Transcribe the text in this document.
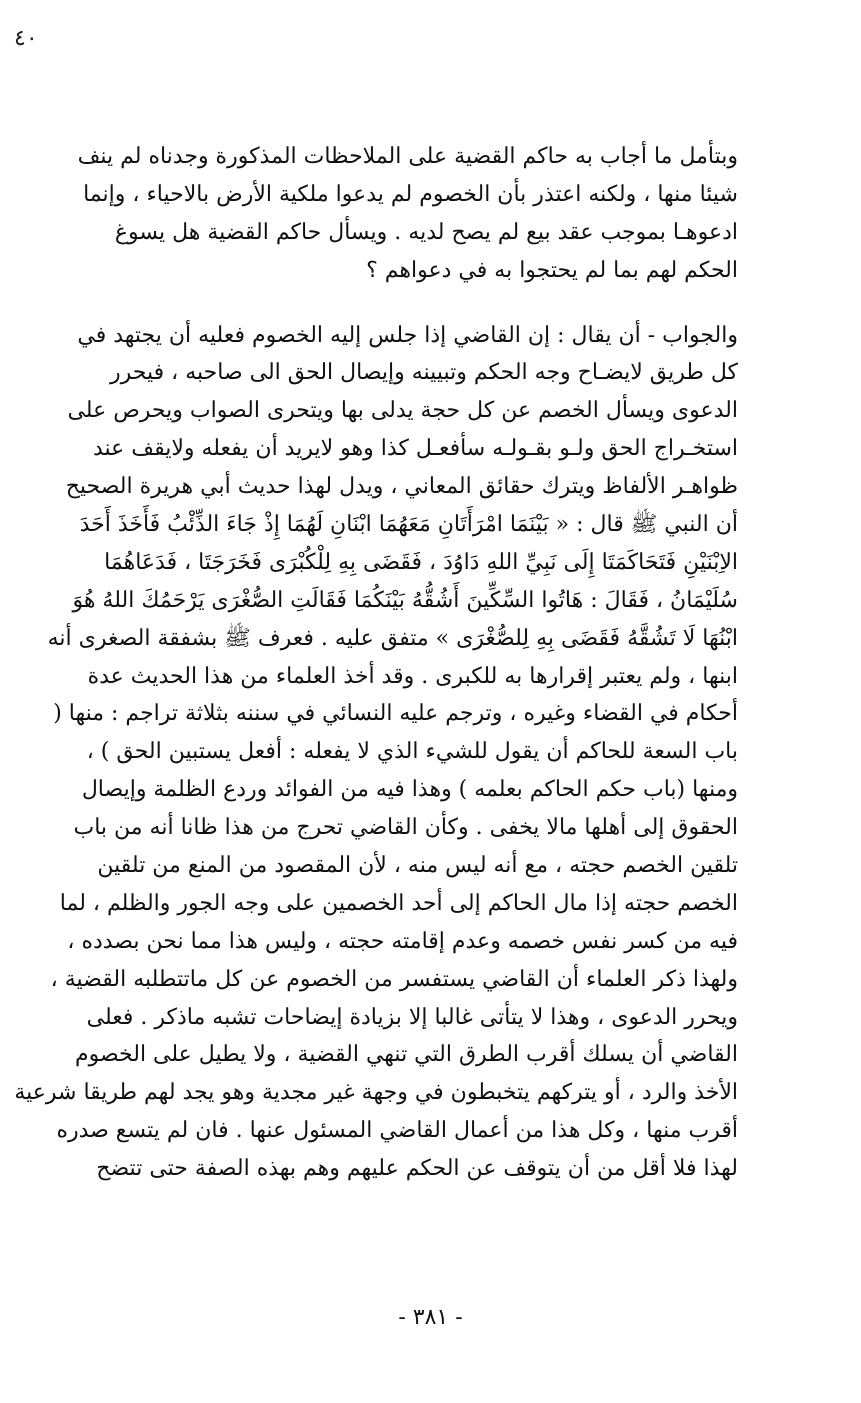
٤٠

وبتأمل ما أجاب به حاكم القضية على الملاحظات المذكورة وجدناه لم ينف
شيئا منها ، ولكنه اعتذر بأن الخصوم لم يدعوا ملكية الأرض بالاحياء ، وإنما
ادعوهـا بموجب عقد بيع لم يصح لديه . ويسأل حاكم القضية هل يسوغ
الحكم لهم بما لم يحتجوا به في دعواهم ؟

والجواب - أن يقال : إن القاضي إذا جلس إليه الخصوم فعليه أن يجتهد في
كل طريق لايضـاح وجه الحكم وتبيينه وإيصال الحق الى صاحبه ، فيحرر
الدعوى ويسأل الخصم عن كل حجة يدلى بها ويتحرى الصواب ويحرص على
استخـراج الحق ولـو بقـولـه سأفعـل كذا وهو لايريد أن يفعله ولايقف عند
ظواهـر الألفاظ ويترك حقائق المعاني ، ويدل لهذا حديث أبي هريرة الصحيح
أن النبي ﷺ قال : « بَيْنَمَا امْرَأَتَانِ مَعَهُمَا ابْنَانِ لَهُمَا إِذْ جَاءَ الذِّئْبُ فَأَخَذَ أَحَدَ
الاِبْنَيْنِ فَتَحَاكَمَتَا إِلَى نَبِيِّ اللهِ دَاوُدَ ، فَقَضَى بِهِ لِلْكُبْرَى فَخَرَجَتَا ، فَدَعَاهُمَا
سُلَيْمَانُ ، فَقَالَ : هَاتُوا السِّكِّينَ أَشُقُّهُ بَيْنَكُمَا فَقَالَتِ الصُّغْرَى يَرْحَمُكَ اللهُ هُوَ
ابْنُهَا لَا تَشُقَّهُ فَقَضَى بِهِ لِلصُّغْرَى » متفق عليه . فعرف ﷺ بشفقة الصغرى أنه
ابنها ، ولم يعتبر إقرارها به للكبرى . وقد أخذ العلماء من هذا الحديث عدة
أحكام في القضاء وغيره ، وترجم عليه النسائي في سننه بثلاثة تراجم : منها (
باب السعة للحاكم أن يقول للشيء الذي لا يفعله : أفعل يستبين الحق ) ،
ومنها (باب حكم الحاكم بعلمه ) وهذا فيه من الفوائد وردع الظلمة وإيصال
الحقوق إلى أهلها مالا يخفى . وكأن القاضي تحرج من هذا ظانا أنه من باب
تلقين الخصم حجته ، مع أنه ليس منه ، لأن المقصود من المنع من تلقين
الخصم حجته إذا مال الحاكم إلى أحد الخصمين على وجه الجور والظلم ، لما
فيه من كسر نفس خصمه وعدم إقامته حجته ، وليس هذا مما نحن بصدده ،
ولهذا ذكر العلماء أن القاضي يستفسر من الخصوم عن كل ماتتطلبه القضية ،
ويحرر الدعوى ، وهذا لا يتأتى غالبا إلا بزيادة إيضاحات تشبه ماذكر . فعلى
القاضي أن يسلك أقرب الطرق التي تنهي القضية ، ولا يطيل على الخصوم
الأخذ والرد ، أو يتركهم يتخبطون في وجهة غير مجدية وهو يجد لهم طريقا شرعية
أقرب منها ، وكل هذا من أعمال القاضي المسئول عنها . فان لم يتسع صدره
لهذا فلا أقل من أن يتوقف عن الحكم عليهم وهم بهذه الصفة حتى تتضح

- ٣٨١ -
